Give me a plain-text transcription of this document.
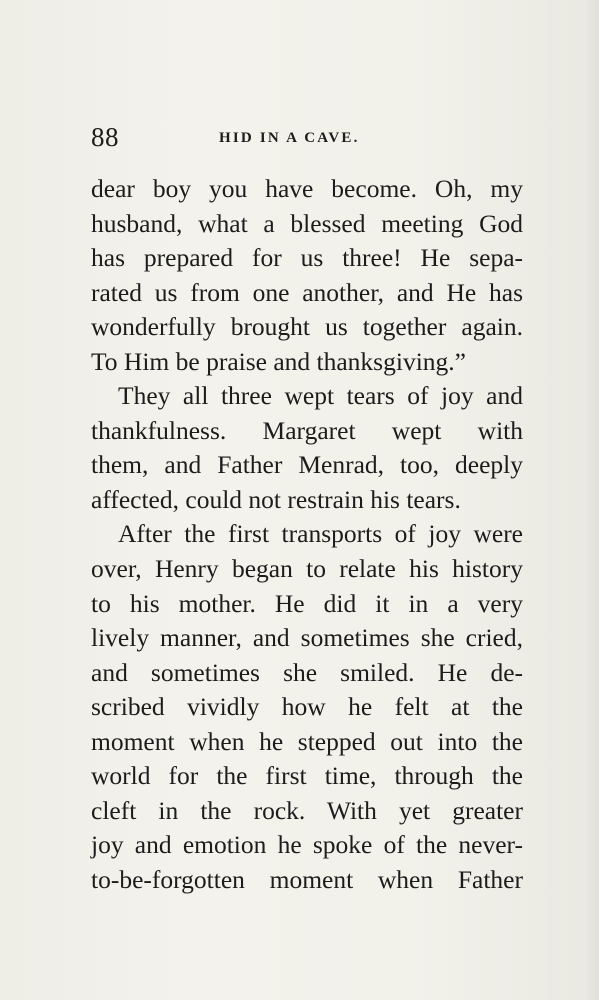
88	HID IN A CAVE.
dear boy you have become. Oh, my
husband, what a blessed meeting God
has prepared for us three! He sepa-
rated us from one another, and He has
wonderfully brought us together again.
To Him be praise and thanksgiving.”
They all three wept tears of joy and
thankfulness. Margaret wept with
them, and Father Menrad, too, deeply
affected, could not restrain his tears.
After the first transports of joy were
over, Henry began to relate his history
to his mother. He did it in a very
lively manner, and sometimes she cried,
and sometimes she smiled. He de-
scribed vividly how he felt at the
moment when he stepped out into the
world for the first time, through the
cleft in the rock. With yet greater
joy and emotion he spoke of the never-
to-be-forgotten moment when Father
